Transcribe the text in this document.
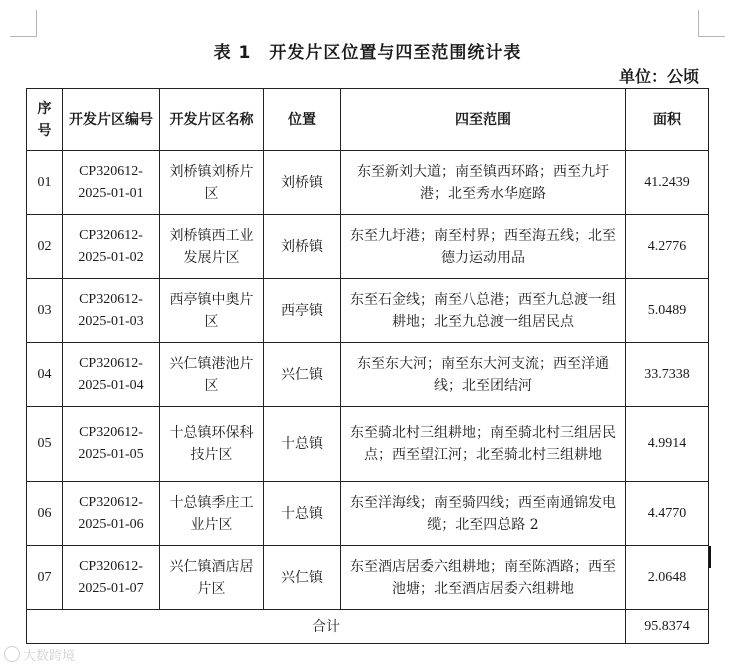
表 1　开发片区位置与四至范围统计表
单位：公顷
序号	开发片区编号	开发片区名称	位置	四至范围	面积
01	CP320612-2025-01-01	刘桥镇刘桥片区	刘桥镇	东至新刘大道；南至镇西环路；西至九圩港；北至秀水华庭路	41.2439
02	CP320612-2025-01-02	刘桥镇西工业发展片区	刘桥镇	东至九圩港；南至村界；西至海五线；北至德力运动用品	4.2776
03	CP320612-2025-01-03	西亭镇中奥片区	西亭镇	东至石金线；南至八总港；西至九总渡一组耕地；北至九总渡一组居民点	5.0489
04	CP320612-2025-01-04	兴仁镇港池片区	兴仁镇	东至东大河；南至东大河支流；西至洋通线；北至团结河	33.7338
05	CP320612-2025-01-05	十总镇环保科技片区	十总镇	东至骑北村三组耕地；南至骑北村三组居民点；西至望江河；北至骑北村三组耕地	4.9914
06	CP320612-2025-01-06	十总镇季庄工业片区	十总镇	东至洋海线；南至骑四线；西至南通锦发电缆；北至四总路 2	4.4770
07	CP320612-2025-01-07	兴仁镇酒店居片区	兴仁镇	东至酒店居委六组耕地；南至陈酒路；西至池塘；北至酒店居委六组耕地	2.0648
合计					95.8374
大数跨境
